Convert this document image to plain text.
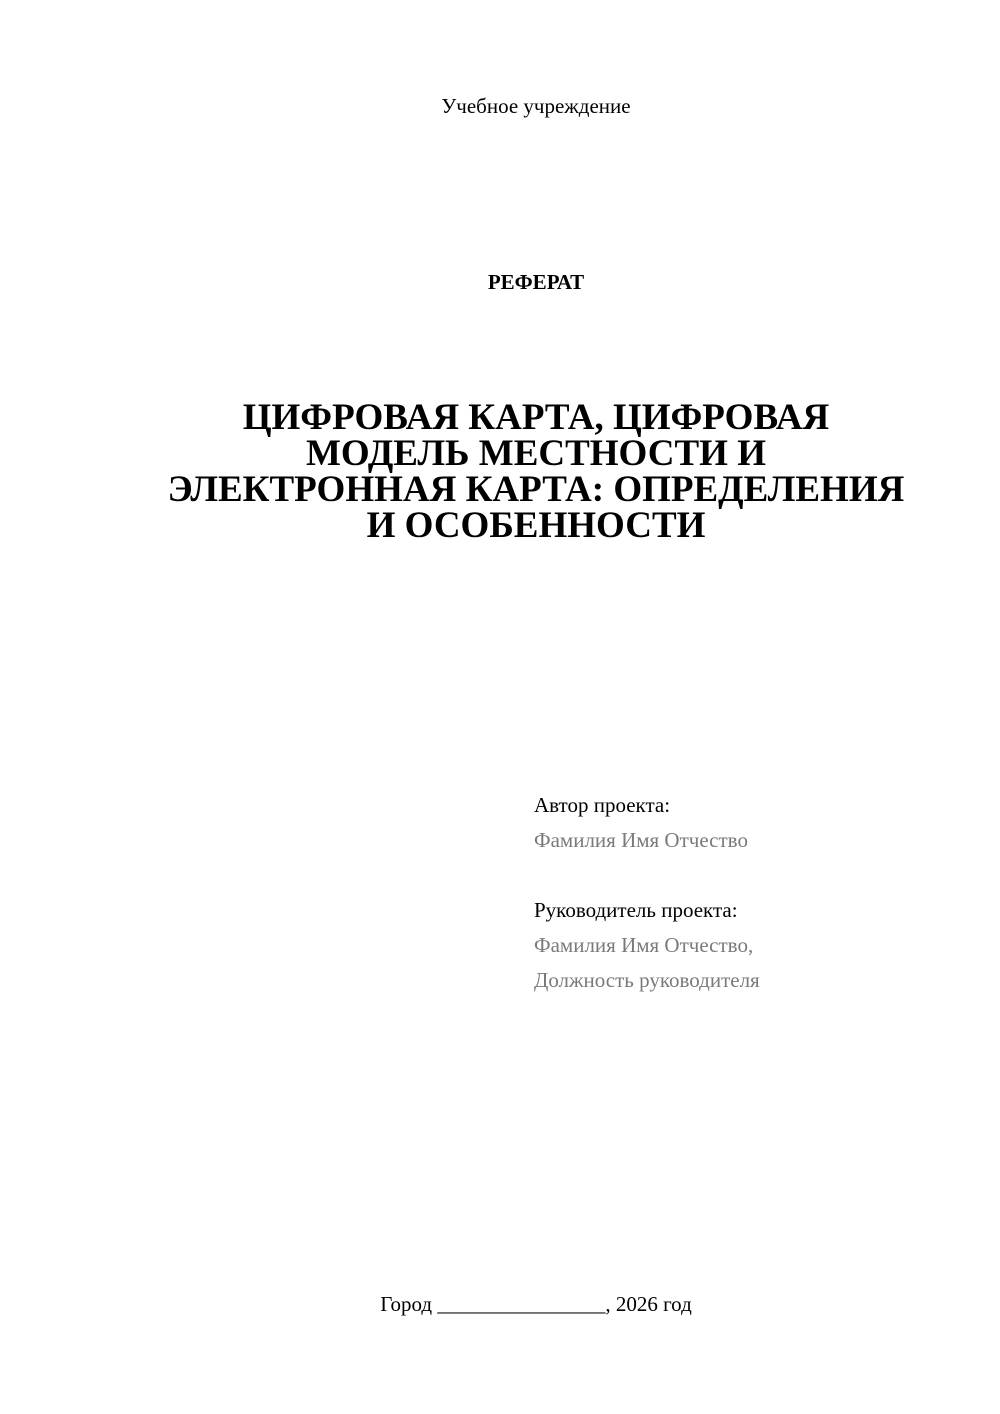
Учебное учреждение
РЕФЕРАТ
ЦИФРОВАЯ КАРТА, ЦИФРОВАЯ
МОДЕЛЬ МЕСТНОСТИ И
ЭЛЕКТРОННАЯ КАРТА: ОПРЕДЕЛЕНИЯ
И ОСОБЕННОСТИ
Автор проекта:
Фамилия Имя Отчество
Руководитель проекта:
Фамилия Имя Отчество,
Должность руководителя
Город ________________, 2026 год
